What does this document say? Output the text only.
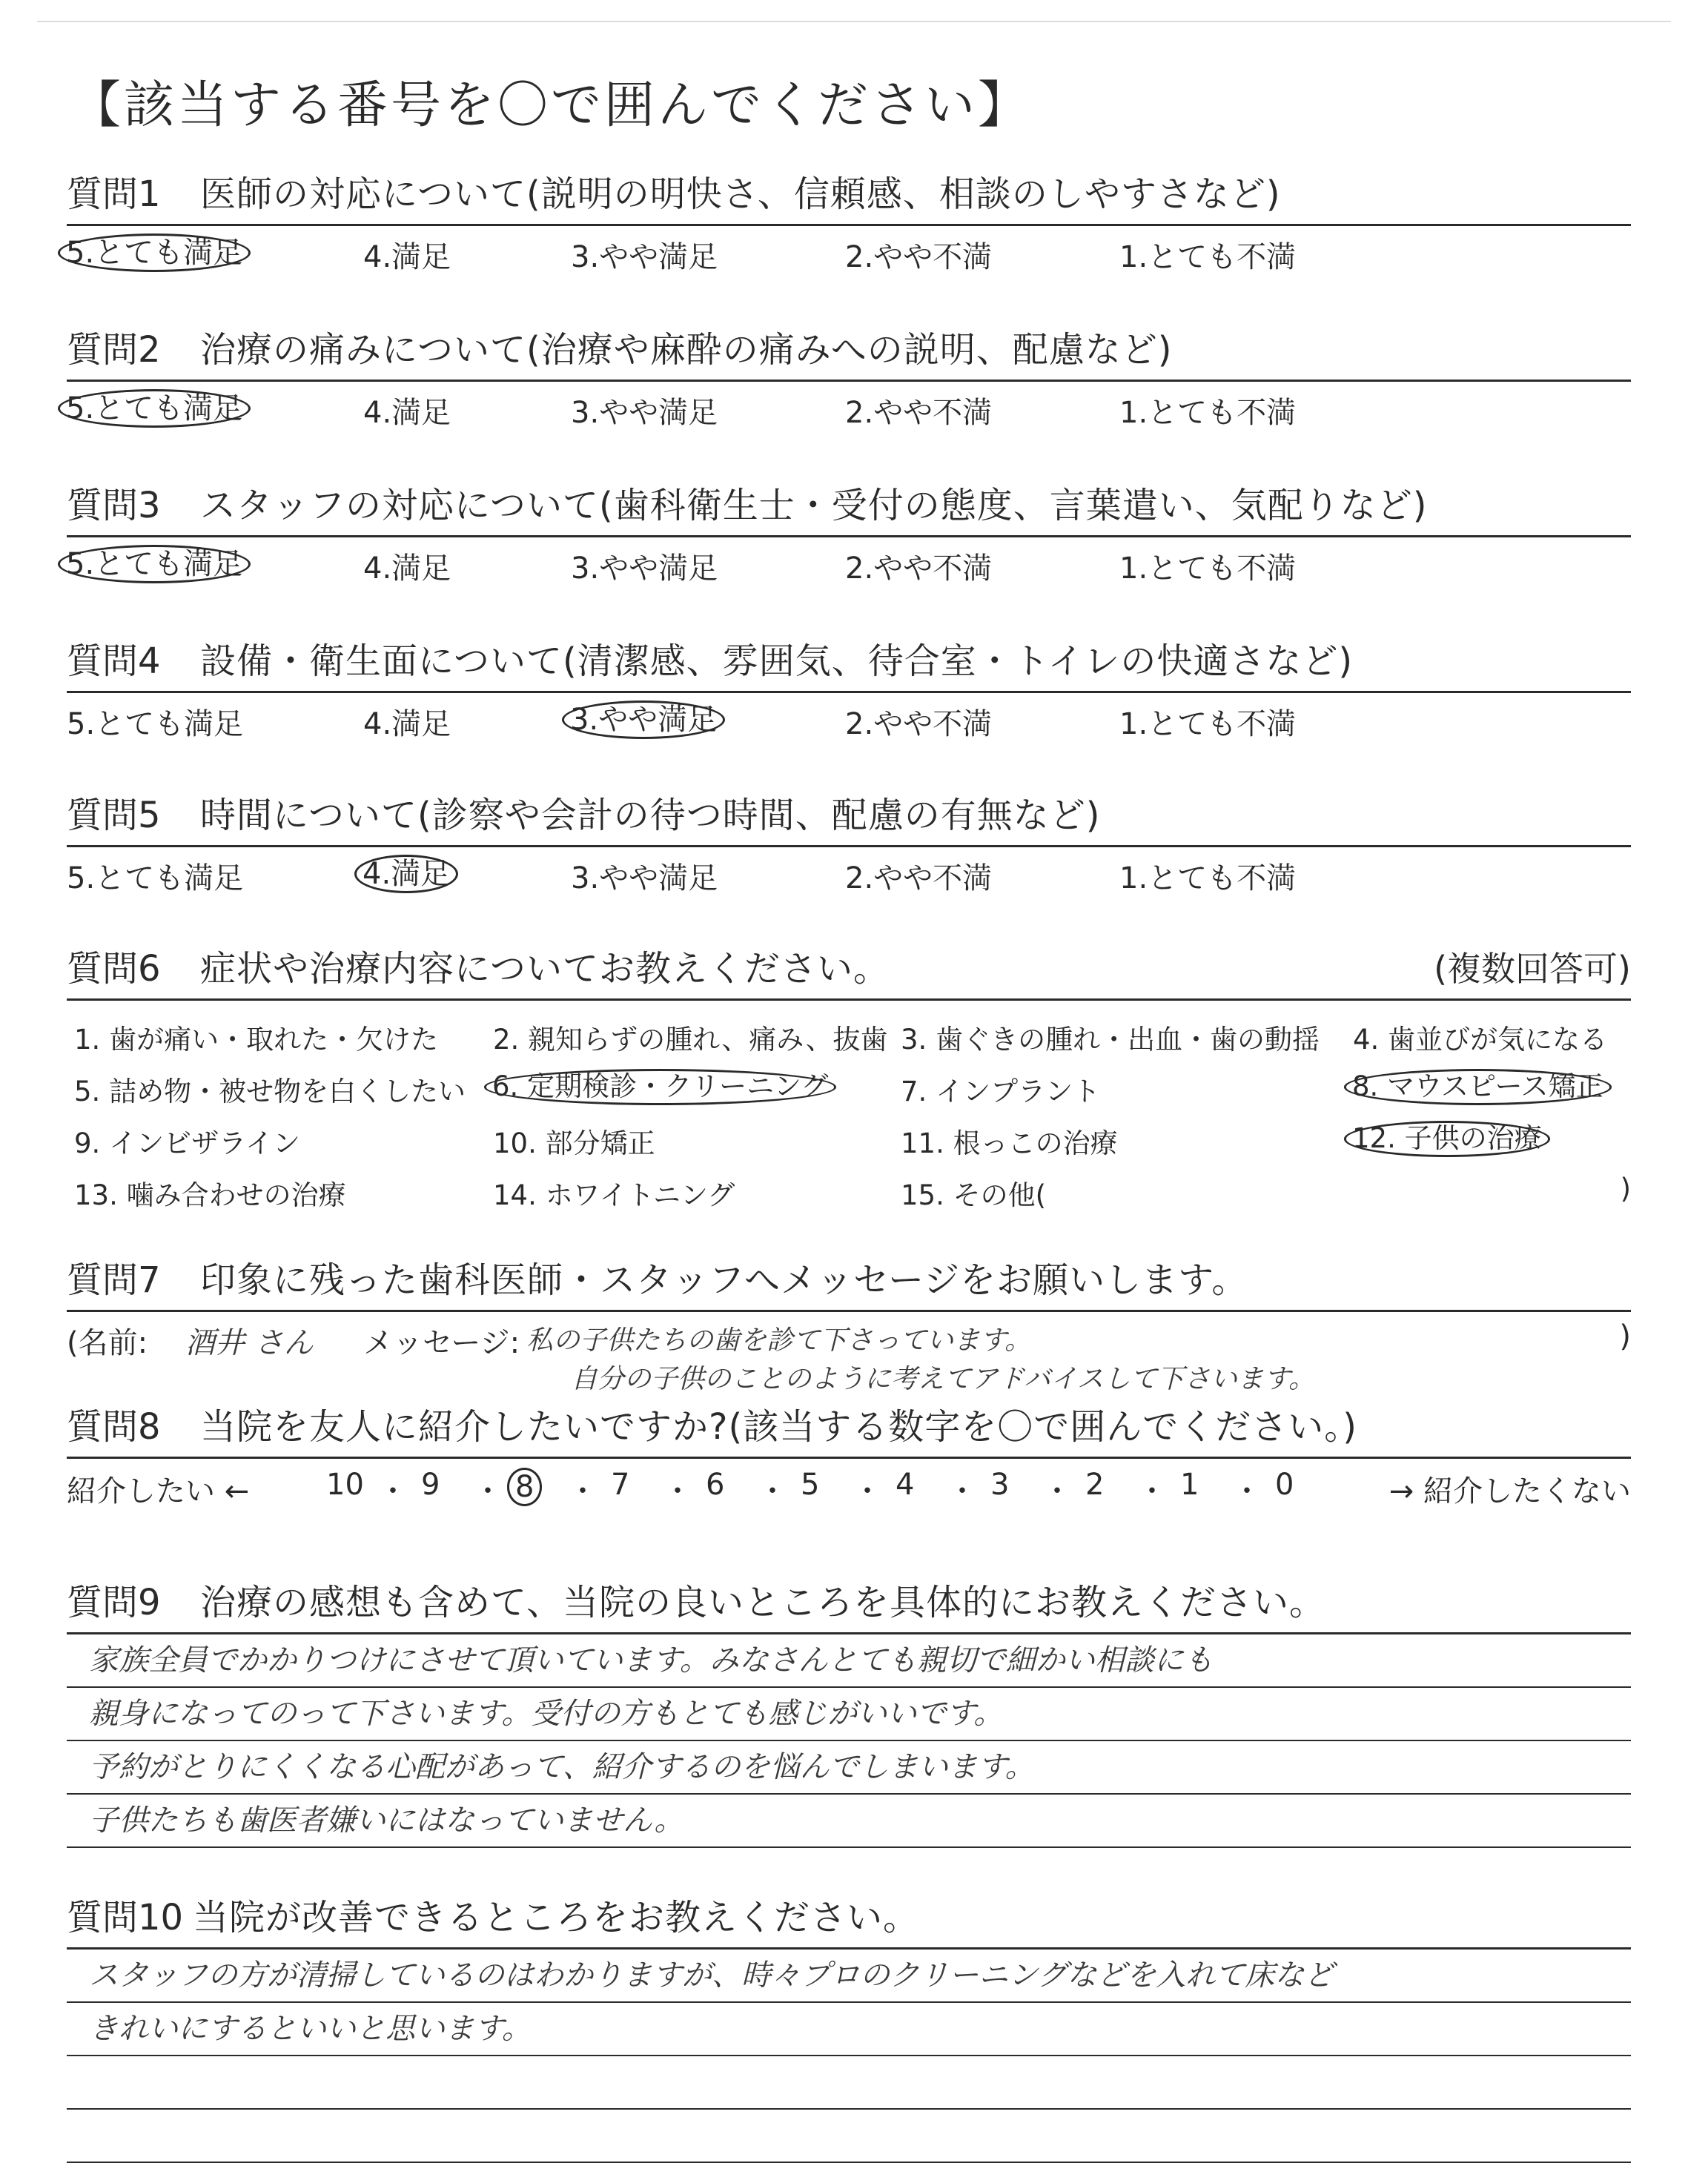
【該当する番号を〇で囲んでください】
質問1 医師の対応について(説明の明快さ、信頼感、相談のしやすさなど)
5.とても満足	4.満足	3.やや満足	2.やや不満	1.とても不満
質問2 治療の痛みについて(治療や麻酔の痛みへの説明、配慮など)
5.とても満足	4.満足	3.やや満足	2.やや不満	1.とても不満
質問3 スタッフの対応について(歯科衛生士・受付の態度、言葉遣い、気配りなど)
5.とても満足	4.満足	3.やや満足	2.やや不満	1.とても不満
質問4 設備・衛生面について(清潔感、雰囲気、待合室・トイレの快適さなど)
5.とても満足	4.満足	3.やや満足	2.やや不満	1.とても不満
質問5 時間について(診察や会計の待つ時間、配慮の有無など)
5.とても満足	4.満足	3.やや満足	2.やや不満	1.とても不満
質問6 症状や治療内容についてお教えください。	(複数回答可)
1. 歯が痛い・取れた・欠けた 2. 親知らずの腫れ、痛み、抜歯 3. 歯ぐきの腫れ・出血・歯の動揺 4. 歯並びが気になる
5. 詰め物・被せ物を白くしたい 6. 定期検診・クリーニング	7. インプラント	8. マウスピース矯正
9. インビザライン	10. 部分矯正	11. 根っこの治療	12. 子供の治療
13. 噛み合わせの治療	14. ホワイトニング	15. その他(	)
質問7 印象に残った歯科医師・スタッフへメッセージをお願いします。
(名前: 酒井 さん メッセージ: 私の子供たちの歯を診て下さっています。
自分の子供のことのように考えてアドバイスして下さいます。
)
質問8 当院を友人に紹介したいですか?(該当する数字を〇で囲んでください。)
紹介したい ←	→ 紹介したくない
10 ・ 9 ・ 8 ・ 7 ・ 6 ・ 5 ・ 4 ・ 3 ・ 2 ・ 1 ・ 0
質問9 治療の感想も含めて、当院の良いところを具体的にお教えください。
家族全員でかかりつけにさせて頂いています。みなさんとても親切で細かい相談にも
親身になってのって下さいます。受付の方もとても感じがいいです。
予約がとりにくくなる心配があって、紹介するのを悩んでしまいます。
子供たちも歯医者嫌いにはなっていません。
質問10 当院が改善できるところをお教えください。
スタッフの方が清掃しているのはわかりますが、時々プロのクリーニングなどを入れて床など
きれいにするといいと思います。
